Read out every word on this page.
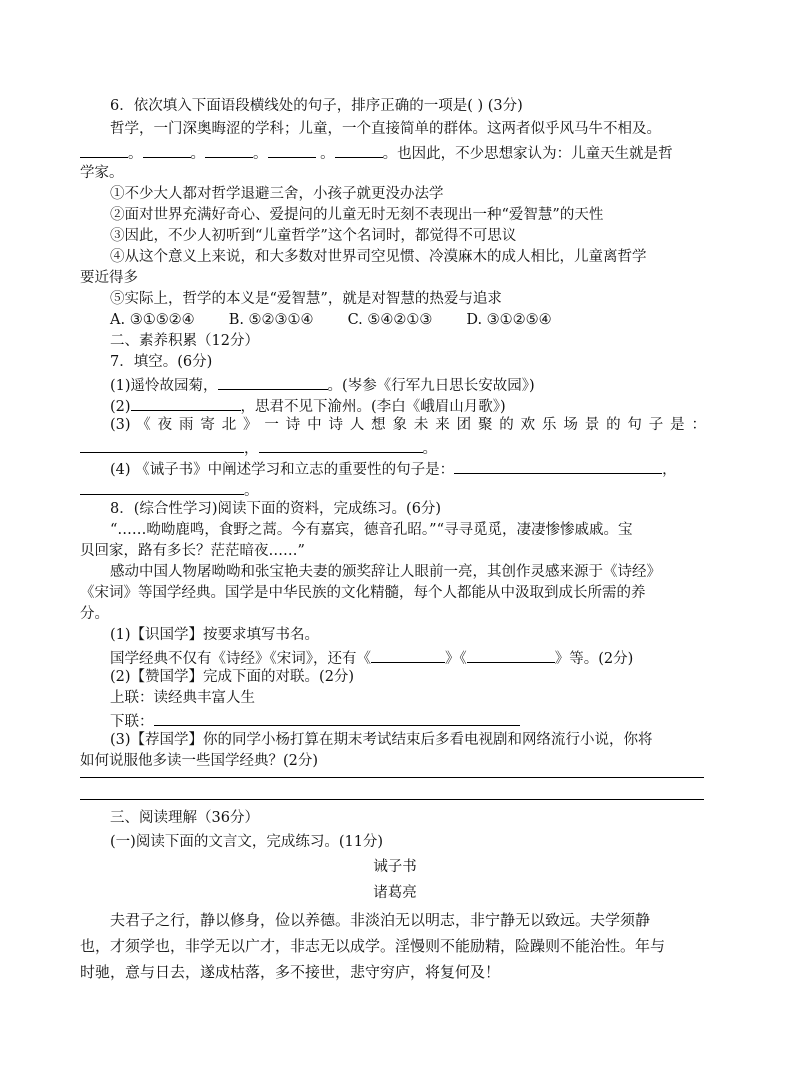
6．依次填入下面语段横线处的句子，排序正确的一项是( ) (3分)
哲学，一门深奥晦涩的学科；儿童，一个直接简单的群体。这两者似乎风马牛不相及。
。	。	。	。	。也因此，不少思想家认为：儿童天生就是哲
学家。
①不少大人都对哲学退避三舍，小孩子就更没办法学
②面对世界充满好奇心、爱提问的儿童无时无刻不表现出一种“爱智慧”的天性
③因此，不少人初听到“儿童哲学”这个名词时，都觉得不可思议
④从这个意义上来说，和大多数对世界司空见惯、冷漠麻木的成人相比，儿童离哲学
要近得多
⑤实际上，哲学的本义是“爱智慧”，就是对智慧的热爱与追求
A. ③①⑤②④ B. ⑤②③①④ C. ⑤④②①③ D. ③①②⑤④
二、素养积累（12分）
7．填空。(6分)
(1)遥怜故园菊，	。(岑参《行军九日思长安故园》)
(2)	，思君不见下渝州。(李白《峨眉山月歌》)
(3) 《 夜 雨 寄 北 》 一 诗 中 诗 人 想 象 未 来 团 聚 的 欢 乐 场 景 的 句 子 是 ：
，	。
(4) 《诫子书》中阐述学习和立志的重要性的句子是：	，
。
8．(综合性学习)阅读下面的资料，完成练习。(6分)
“……呦呦鹿鸣，食野之蒿。今有嘉宾，德音孔昭。”“寻寻觅觅，凄凄惨惨戚戚。宝
贝回家，路有多长？茫茫暗夜……”
感动中国人物屠呦呦和张宝艳夫妻的颁奖辞让人眼前一亮，其创作灵感来源于《诗经》
《宋词》等国学经典。国学是中华民族的文化精髓，每个人都能从中汲取到成长所需的养
分。
(1)【识国学】按要求填写书名。
国学经典不仅有《诗经》《宋词》，还有《	》《	》等。(2分)
(2)【赞国学】完成下面的对联。(2分)
上联：读经典丰富人生
下联：
(3)【荐国学】你的同学小杨打算在期末考试结束后多看电视剧和网络流行小说，你将
如何说服他多读一些国学经典？(2分)
三、阅读理解（36分）
(一)阅读下面的文言文，完成练习。(11分)
诫子书
诸葛亮
夫君子之行，静以修身，俭以养德。非淡泊无以明志，非宁静无以致远。夫学须静
也，才须学也，非学无以广才，非志无以成学。淫慢则不能励精，险躁则不能治性。年与
时驰，意与日去，遂成枯落，多不接世，悲守穷庐，将复何及！
